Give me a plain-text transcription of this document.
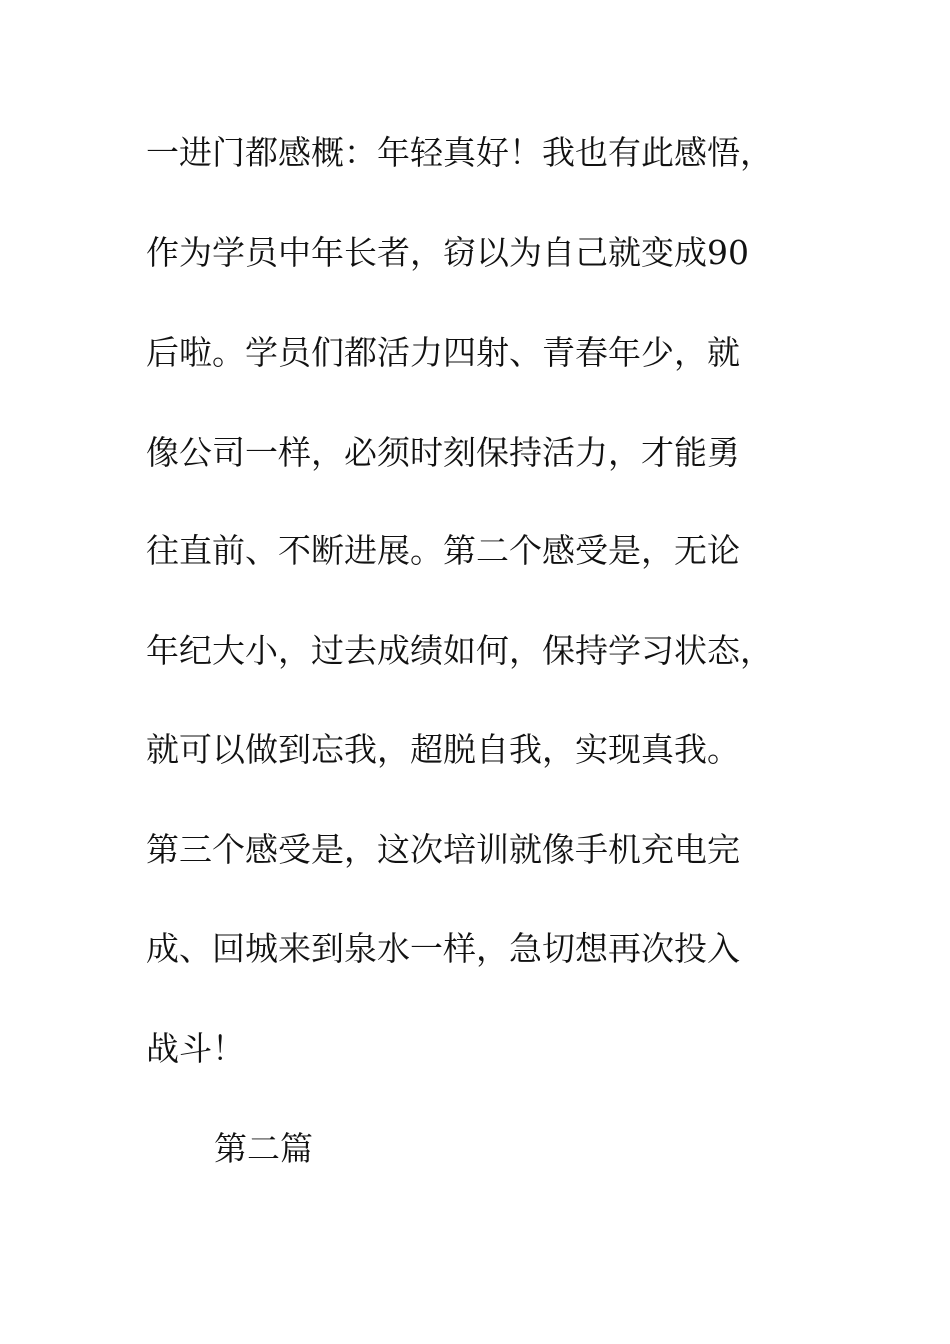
一进门都感概：年轻真好！我也有此感悟，
作为学员中年长者，窃以为自己就变成90
后啦。学员们都活力四射、青春年少，就
像公司一样，必须时刻保持活力，才能勇
往直前、不断进展。第二个感受是，无论
年纪大小，过去成绩如何，保持学习状态，
就可以做到忘我，超脱自我，实现真我。
第三个感受是，这次培训就像手机充电完
成、回城来到泉水一样，急切想再次投入
战斗！
第二篇
